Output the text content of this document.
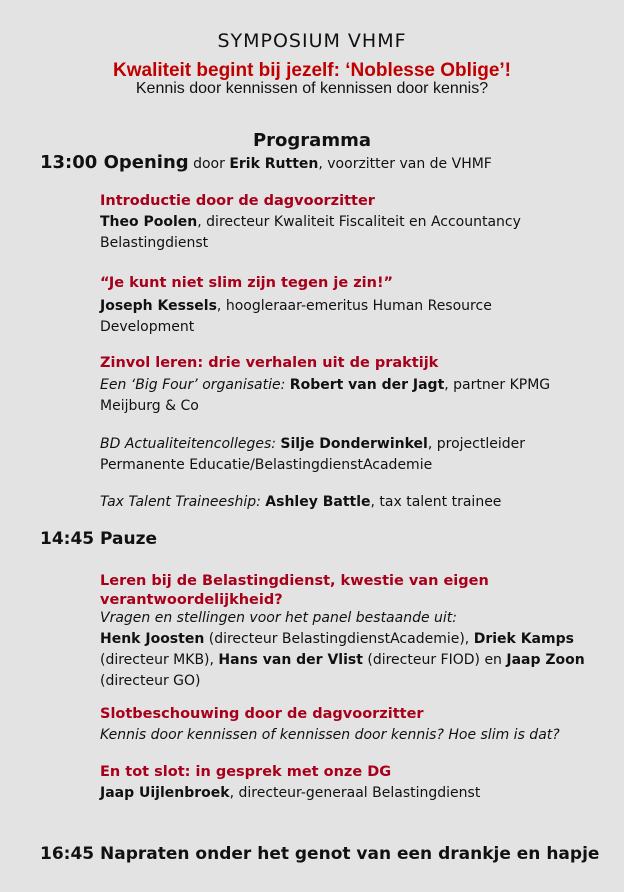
SYMPOSIUM VHMF
Kwaliteit begint bij jezelf: ‘Noblesse Oblige’!
Kennis door kennissen of kennissen door kennis?
Programma
13:00 Opening door Erik Rutten, voorzitter van de VHMF
Introductie door de dagvoorzitter
Theo Poolen, directeur Kwaliteit Fiscaliteit en Accountancy Belastingdienst
“Je kunt niet slim zijn tegen je zin!”
Joseph Kessels, hoogleraar-emeritus Human Resource Development
Zinvol leren: drie verhalen uit de praktijk
Een ‘Big Four’ organisatie: Robert van der Jagt, partner KPMG Meijburg & Co
BD Actualiteitencolleges: Silje Donderwinkel, projectleider Permanente Educatie/BelastingdienstAcademie
Tax Talent Traineeship: Ashley Battle, tax talent trainee
14:45 Pauze
Leren bij de Belastingdienst, kwestie van eigen verantwoordelijkheid?
Vragen en stellingen voor het panel bestaande uit:
Henk Joosten (directeur BelastingdienstAcademie), Driek Kamps (directeur MKB), Hans van der Vlist (directeur FIOD) en Jaap Zoon (directeur GO)
Slotbeschouwing door de dagvoorzitter
Kennis door kennissen of kennissen door kennis? Hoe slim is dat?
En tot slot: in gesprek met onze DG
Jaap Uijlenbroek, directeur-generaal Belastingdienst
16:45 Napraten onder het genot van een drankje en hapje
